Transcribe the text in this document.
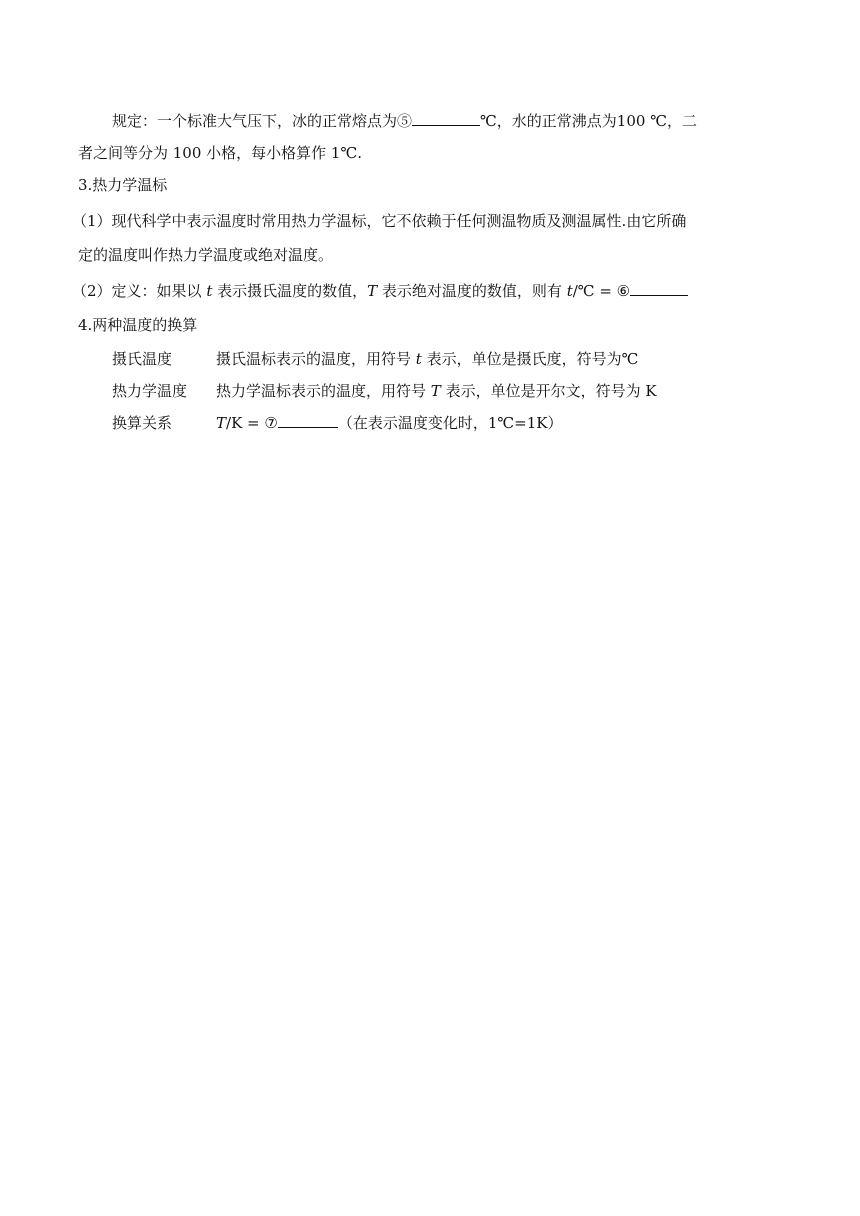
规定：一个标准大气压下，冰的正常熔点为⑤	℃，水的正常沸点为100 ℃，二
者之间等分为 100 小格，每小格算作 1℃.
3.热力学温标
（1）现代科学中表示温度时常用热力学温标，它不依赖于任何测温物质及测温属性.由它所确
定的温度叫作热力学温度或绝对温度。
（2）定义：如果以 t 表示摄氏温度的数值，T 表示绝对温度的数值，则有 t/℃ = ⑥
4.两种温度的换算
摄氏温度	摄氏温标表示的温度，用符号 t 表示，单位是摄氏度，符号为℃
热力学温度 热力学温标表示的温度，用符号 T 表示，单位是开尔文，符号为 K
换算关系	T/K = ⑦	（在表示温度变化时，1℃=1K）
